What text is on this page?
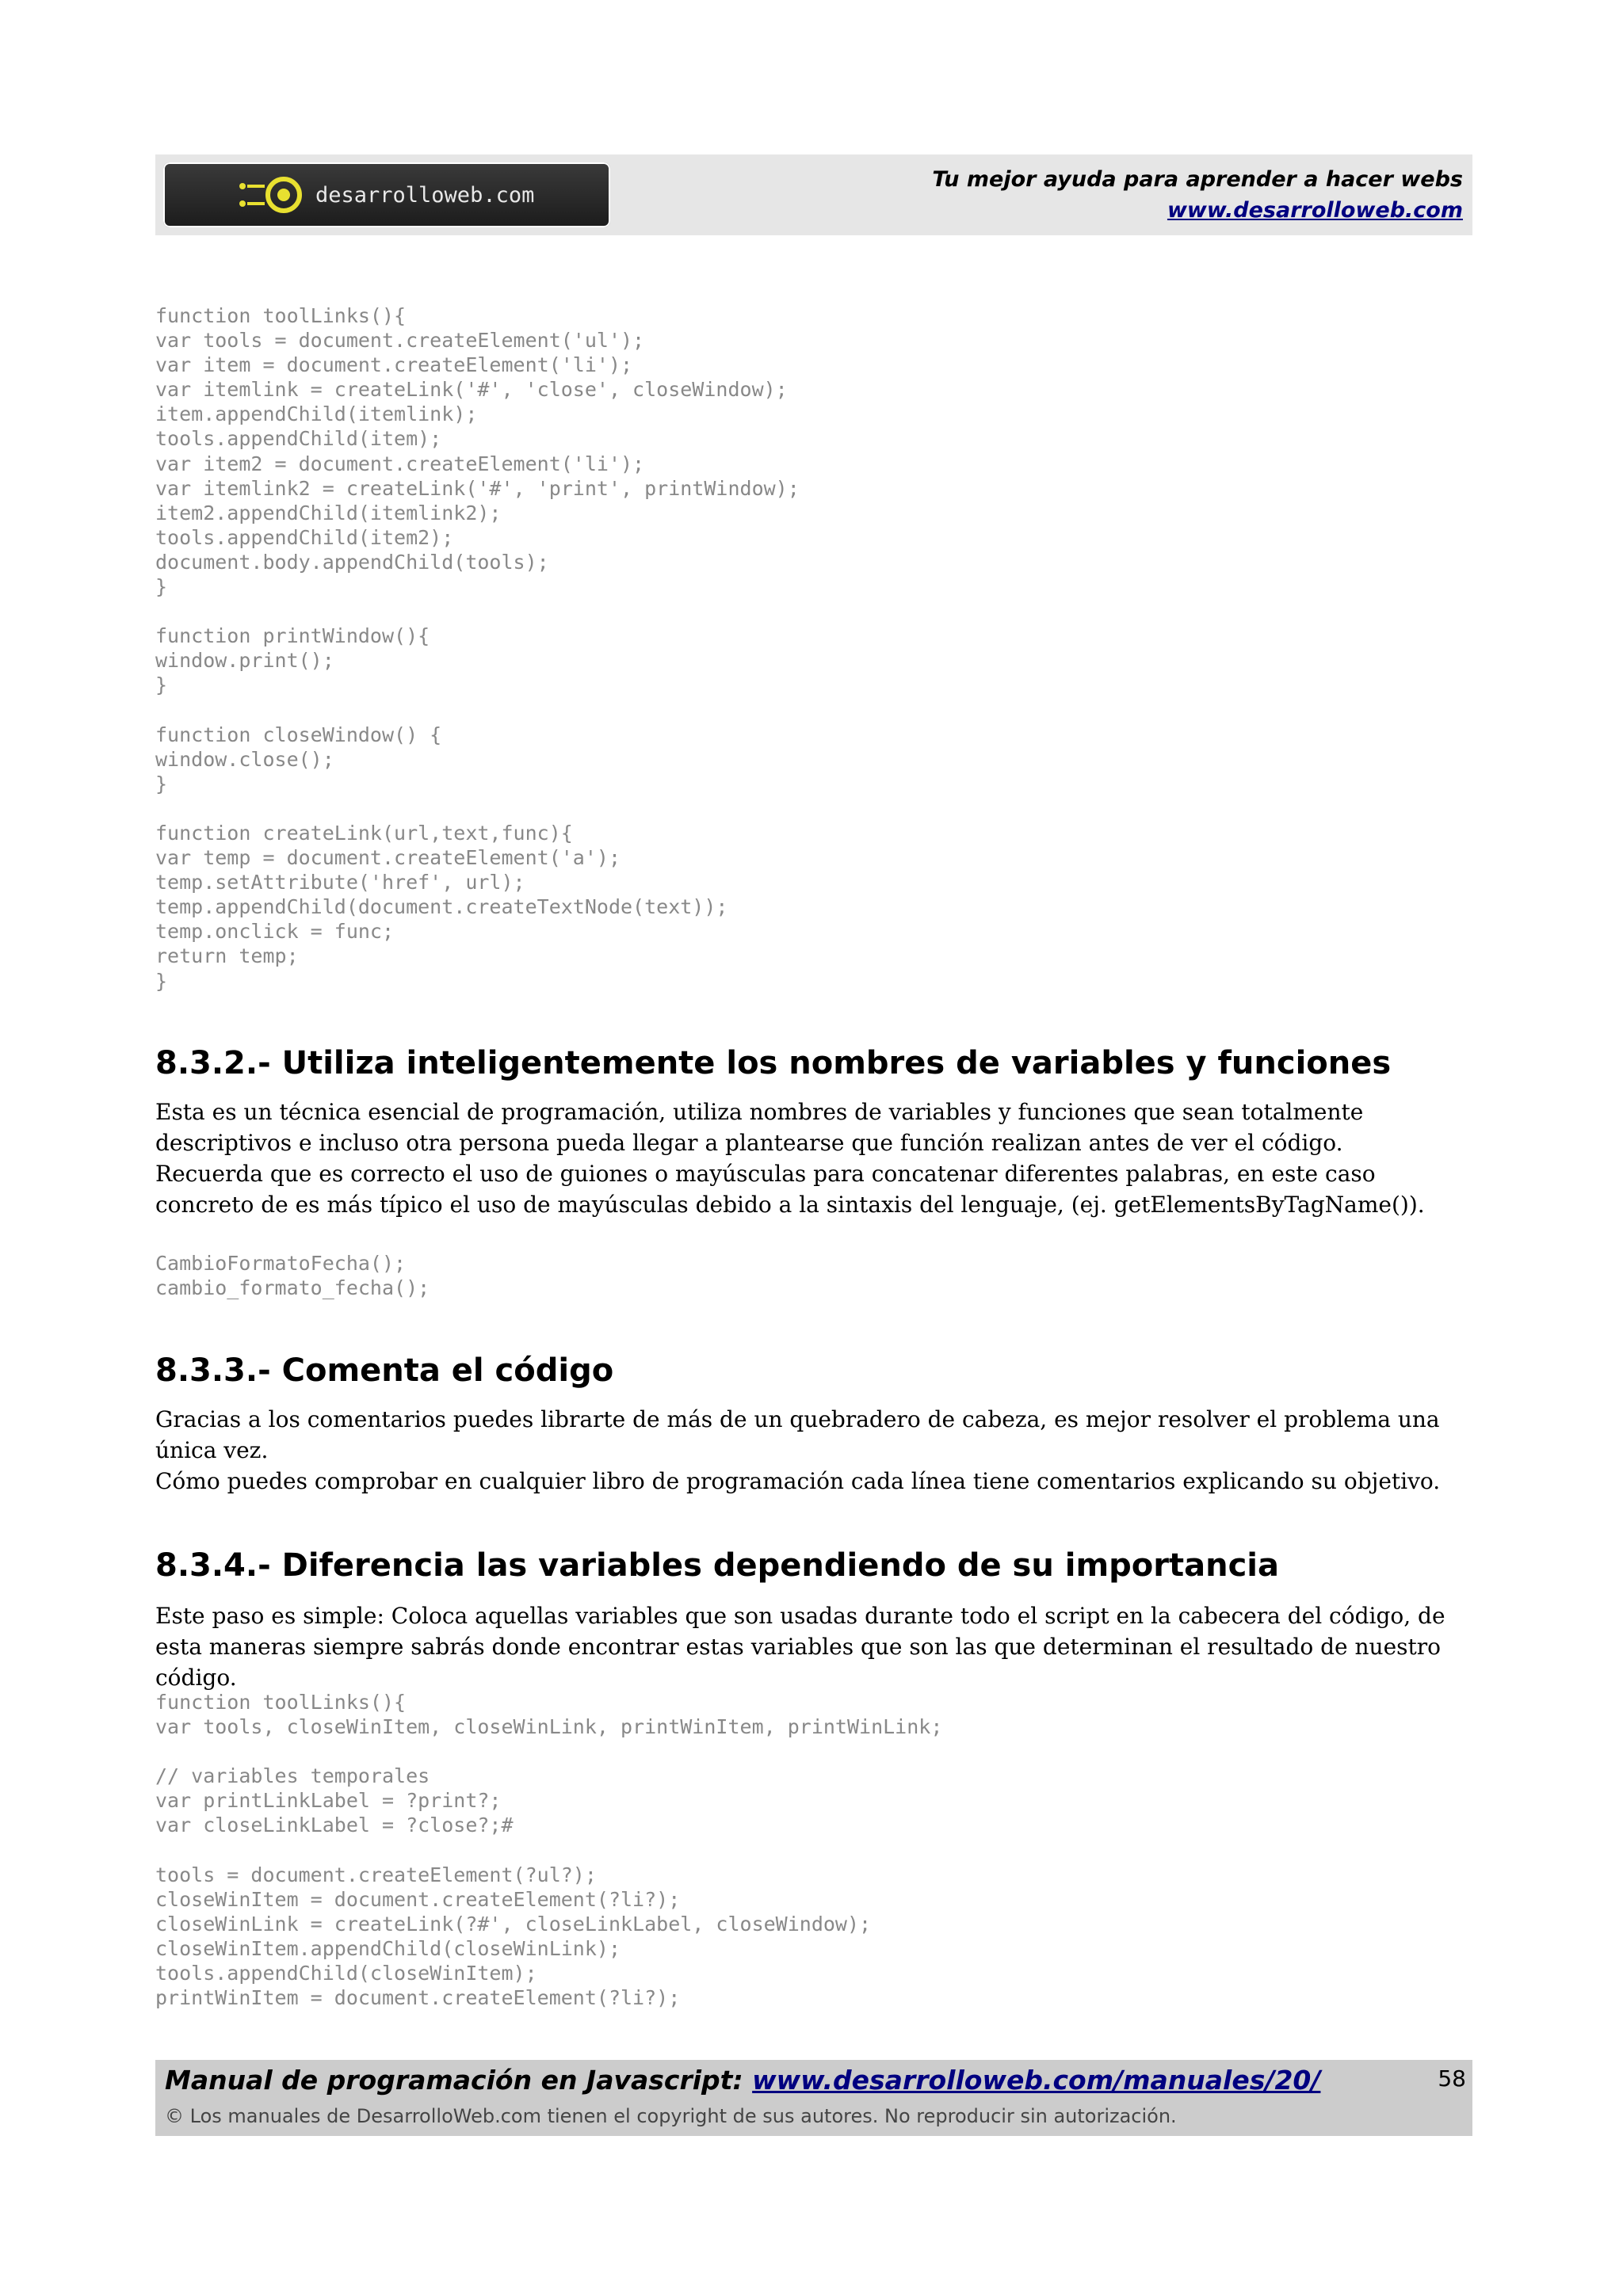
desarrolloweb.com
Tu mejor ayuda para aprender a hacer webs
www.desarrolloweb.com
function toolLinks(){
var tools = document.createElement('ul');
var item = document.createElement('li');
var itemlink = createLink('#', 'close', closeWindow);
item.appendChild(itemlink);
tools.appendChild(item);
var item2 = document.createElement('li');
var itemlink2 = createLink('#', 'print', printWindow);
item2.appendChild(itemlink2);
tools.appendChild(item2);
document.body.appendChild(tools);
}

function printWindow(){
window.print();
}

function closeWindow() {
window.close();
}

function createLink(url,text,func){
var temp = document.createElement('a');
temp.setAttribute('href', url);
temp.appendChild(document.createTextNode(text));
temp.onclick = func;
return temp;
}
8.3.2.- Utiliza inteligentemente los nombres de variables y funciones

Esta es un técnica esencial de programación, utiliza nombres de variables y funciones que sean totalmente descriptivos e incluso otra persona pueda llegar a plantearse que función realizan antes de ver el código.
Recuerda que es correcto el uso de guiones o mayúsculas para concatenar diferentes palabras, en este caso concreto de es más típico el uso de mayúsculas debido a la sintaxis del lenguaje, (ej. getElementsByTagName()).

CambioFormatoFecha();
cambio_formato_fecha();
8.3.3.- Comenta el código

Gracias a los comentarios puedes librarte de más de un quebradero de cabeza, es mejor resolver el problema una única vez.

Cómo puedes comprobar en cualquier libro de programación cada línea tiene comentarios explicando su objetivo.

8.3.4.- Diferencia las variables dependiendo de su importancia

Este paso es simple: Coloca aquellas variables que son usadas durante todo el script en la cabecera del código, de esta maneras siempre sabrás donde encontrar estas variables que son las que determinan el resultado de nuestro código.

function toolLinks(){
var tools, closeWinItem, closeWinLink, printWinItem, printWinLink;

// variables temporales
var printLinkLabel = ?print?;
var closeLinkLabel = ?close?;#

tools = document.createElement(?ul?);
closeWinItem = document.createElement(?li?);
closeWinLink = createLink(?#', closeLinkLabel, closeWindow);
closeWinItem.appendChild(closeWinLink);
tools.appendChild(closeWinItem);
printWinItem = document.createElement(?li?);
Manual de programación en Javascript: www.desarrolloweb.com/manuales/20/
© Los manuales de DesarrolloWeb.com tienen el copyright de sus autores. No reproducir sin autorización.
58
